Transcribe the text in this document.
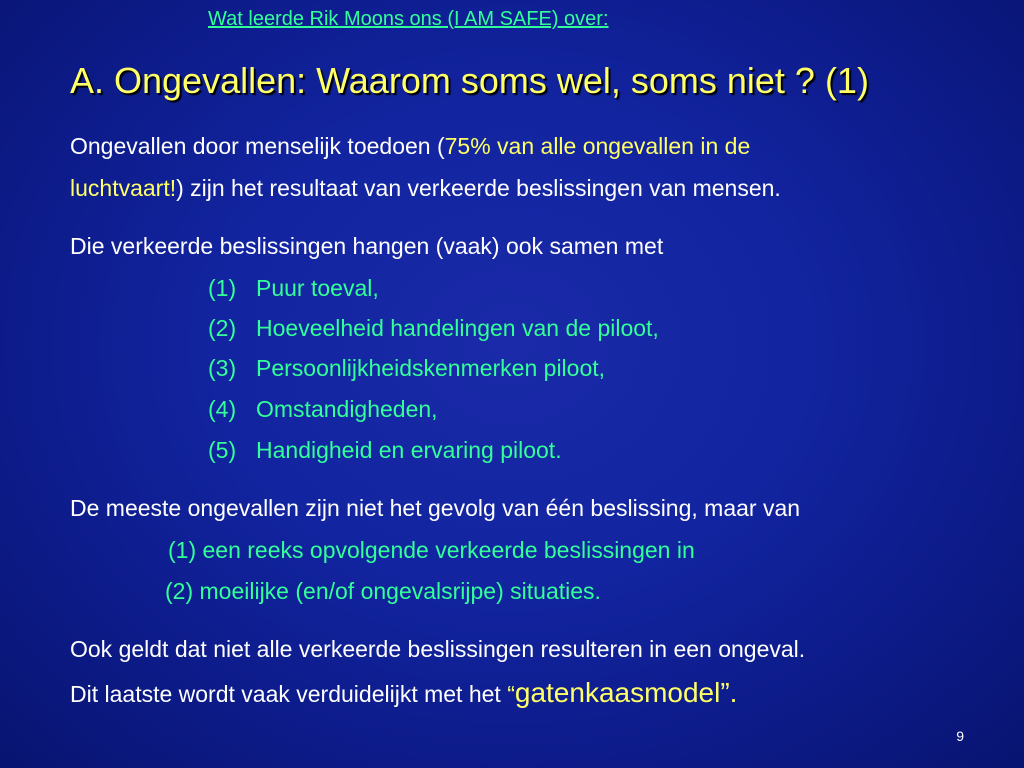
Wat leerde Rik Moons ons (I AM SAFE) over:
A. Ongevallen: Waarom soms wel, soms niet ? (1)
Ongevallen door menselijk toedoen (75% van alle ongevallen in de
luchtvaart!) zijn het resultaat van verkeerde beslissingen van mensen.
Die verkeerde beslissingen hangen (vaak) ook samen met
(1) Puur toeval,
(2) Hoeveelheid handelingen van de piloot,
(3) Persoonlijkheidskenmerken piloot,
(4) Omstandigheden,
(5) Handigheid en ervaring piloot.
De meeste ongevallen zijn niet het gevolg van één beslissing, maar van
(1) een reeks opvolgende verkeerde beslissingen in
(2) moeilijke (en/of ongevalsrijpe) situaties.
Ook geldt dat niet alle verkeerde beslissingen resulteren in een ongeval.
Dit laatste wordt vaak verduidelijkt met het “gatenkaasmodel”.
9
